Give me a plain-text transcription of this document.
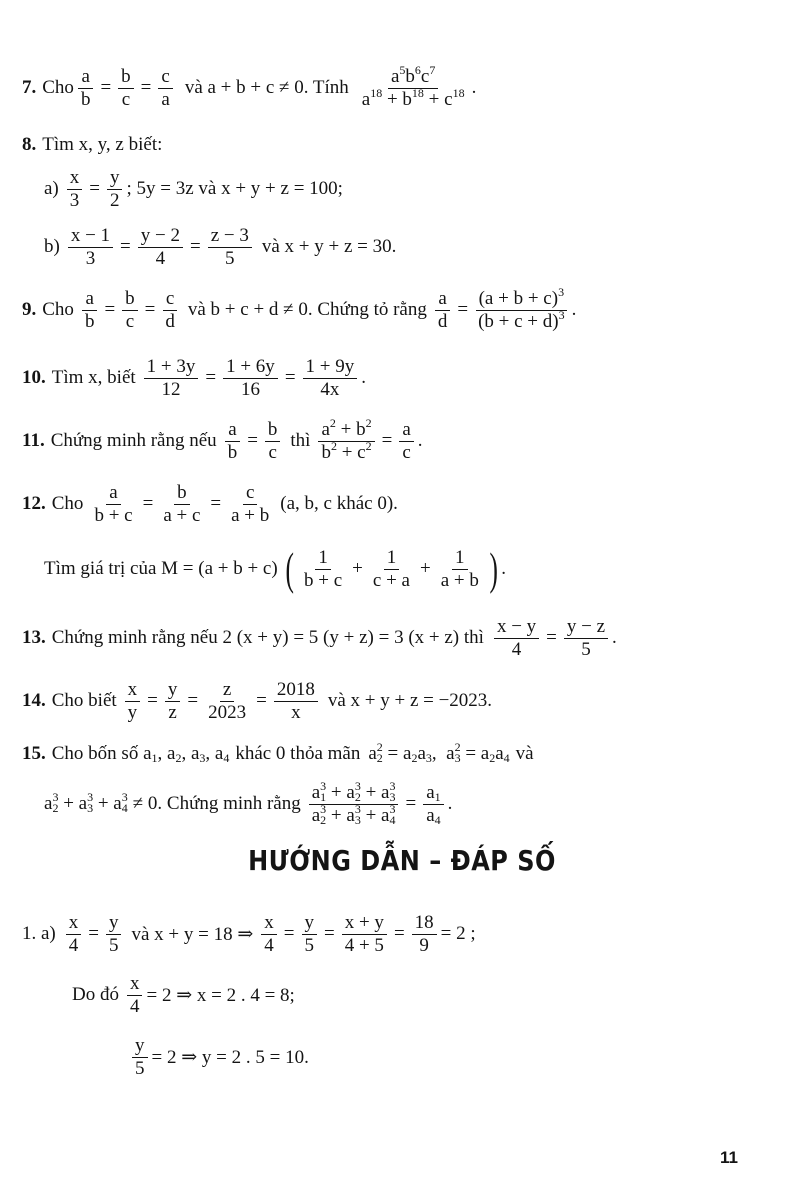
7. Cho $\frac{a}{b} = \frac{b}{c} = \frac{c}{a}$ và a + b + c ≠ 0. Tính $\frac{a^5b^6c^7}{a^{18} + b^{18} + c^{18}}$ .
8. Tìm x, y, z biết:
$a) \frac{x}{3} = \frac{y}{2}$ ; 5y = 3z và x + y + z = 100;
$b) \frac{x - 1}{3} = \frac{y - 2}{4} = \frac{z - 3}{5}$ và x + y + z = 30.
9. Cho $\frac{a}{b} = \frac{b}{c} = \frac{c}{d}$ và b + c + d ≠ 0. Chứng tỏ rằng $\frac{a}{d} = \frac{(a + b + c)^3}{(b + c + d)^3}$ .
10. Tìm x, biết $\frac{1 + 3y}{12} = \frac{1 + 6y}{16} = \frac{1 + 9y}{4x}$ .
11. Chứng minh rằng nếu $\frac{a}{b} = \frac{b}{c}$ thì $\frac{a^2 + b^2}{b^2 + c^2} = \frac{a}{c}$ .
12. Cho $\frac{a}{b + c} = \frac{b}{a + c} = \frac{c}{a + b} (a$, b, c khác 0).
Tìm giá trị của M = (a + b + c) ( $\frac{1}{b + c} + \frac{1}{c + a} + \frac{1}{a + b}$ ) .
13. Chứng minh rằng nếu 2 (x + y) = 5 (y + z) = 3 (x + z) thì $\frac{x - y}{4} = \frac{y - z}{5}$ .
14. Cho biết $\frac{x}{y} = \frac{y}{z} = \frac{z}{2023} = \frac{2018}{x}$ và x + y + z = −2023.
15. Cho bốn số $a_1$, $a_2$, $a_3$, $a_4$ khác 0 thỏa mãn $a^2_2 = a_2a_3$,  $a^2_3 = a_2a_4$ và
$a^3_2 + a^3_3 + a^3_4 \ne 0$. Chứng minh rằng $\frac{a^3_1 + a^3_2 + a^3_3}{a^3_2 + a^3_3 + a^3_4} = \frac{a_1}{a_4}$ .
HƯỚNG DẪN – ĐÁP SỐ
1. $a) \frac{x}{4} = \frac{y}{5}$ và x + y = 18 ⇒ $\frac{x}{4} = \frac{y}{5} = \frac{x + y}{4 + 5} = \frac{18}{9} = 2$ ;
Do đó $\frac{x}{4} = 2$ ⇒ x = 2 . 4 = 8;
$\frac{y}{5} = 2$ ⇒ y = 2 . 5 = 10.
11
